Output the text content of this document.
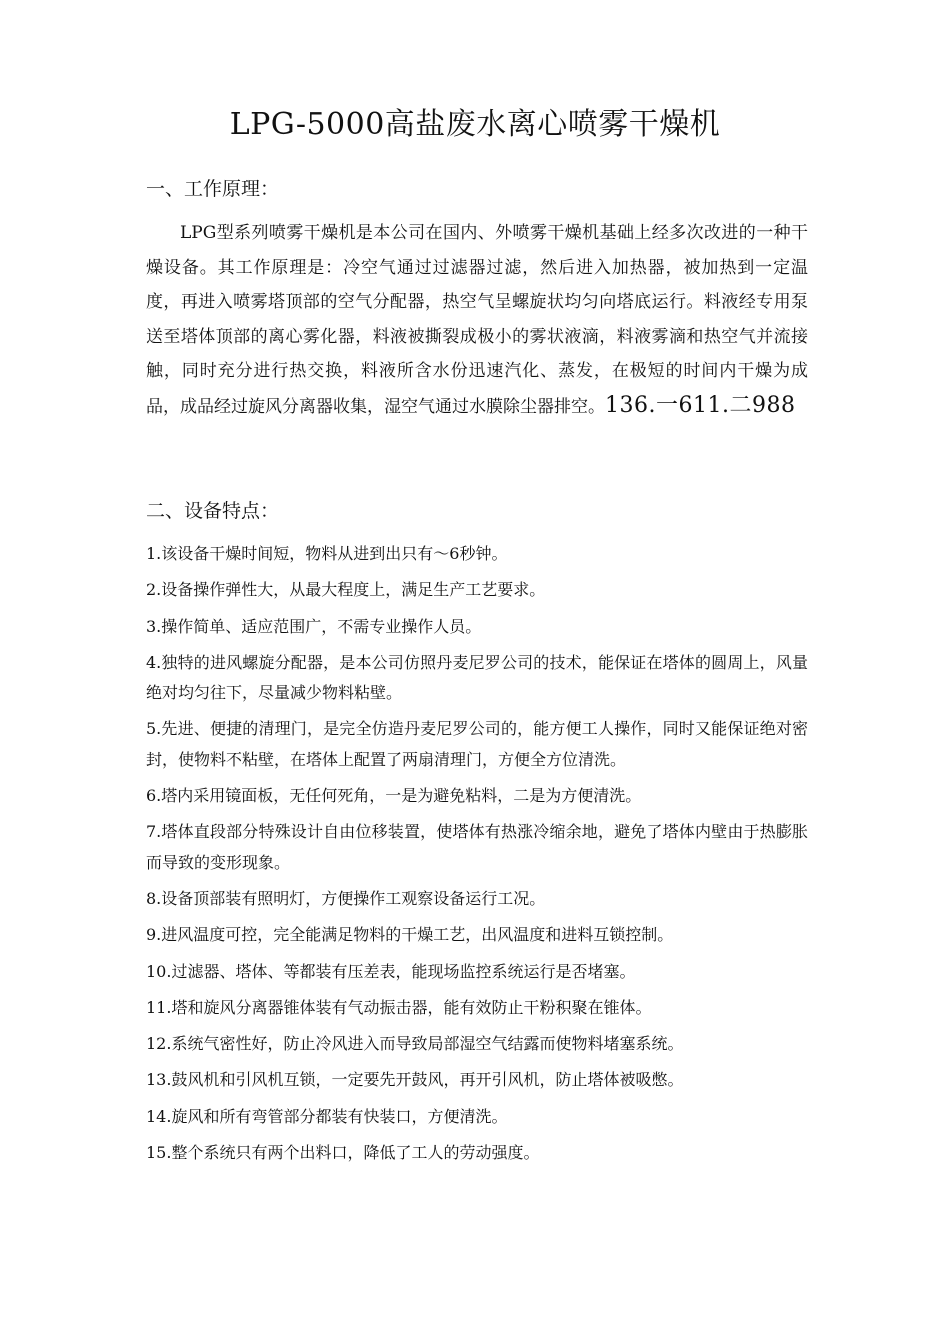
LPG-5000高盐废水离心喷雾干燥机
一、工作原理：

LPG型系列喷雾干燥机是本公司在国内、外喷雾干燥机基础上经多次改进的一种干燥设备。其工作原理是：冷空气通过过滤器过滤，然后进入加热器，被加热到一定温度，再进入喷雾塔顶部的空气分配器，热空气呈螺旋状均匀向塔底运行。料液经专用泵送至塔体顶部的离心雾化器，料液被撕裂成极小的雾状液滴，料液雾滴和热空气并流接触，同时充分进行热交换，料液所含水份迅速汽化、蒸发，在极短的时间内干燥为成品，成品经过旋风分离器收集，湿空气通过水膜除尘器排空。136.一611.二988

二、设备特点：
1.该设备干燥时间短，物料从进到出只有～6秒钟。
2.设备操作弹性大，从最大程度上，满足生产工艺要求。
3.操作简单、适应范围广，不需专业操作人员。
4.独特的进风螺旋分配器，是本公司仿照丹麦尼罗公司的技术，能保证在塔体的圆周上，风量绝对均匀往下，尽量减少物料粘壁。
5.先进、便捷的清理门，是完全仿造丹麦尼罗公司的，能方便工人操作，同时又能保证绝对密封，使物料不粘壁，在塔体上配置了两扇清理门，方便全方位清洗。
6.塔内采用镜面板，无任何死角，一是为避免粘料，二是为方便清洗。
7.塔体直段部分特殊设计自由位移装置，使塔体有热涨冷缩余地，避免了塔体内壁由于热膨胀而导致的变形现象。
8.设备顶部装有照明灯，方便操作工观察设备运行工况。
9.进风温度可控，完全能满足物料的干燥工艺，出风温度和进料互锁控制。
10.过滤器、塔体、等都装有压差表，能现场监控系统运行是否堵塞。
11.塔和旋风分离器锥体装有气动振击器，能有效防止干粉积聚在锥体。
12.系统气密性好，防止冷风进入而导致局部湿空气结露而使物料堵塞系统。
13.鼓风机和引风机互锁，一定要先开鼓风，再开引风机，防止塔体被吸憋。
14.旋风和所有弯管部分都装有快装口，方便清洗。
15.整个系统只有两个出料口，降低了工人的劳动强度。
